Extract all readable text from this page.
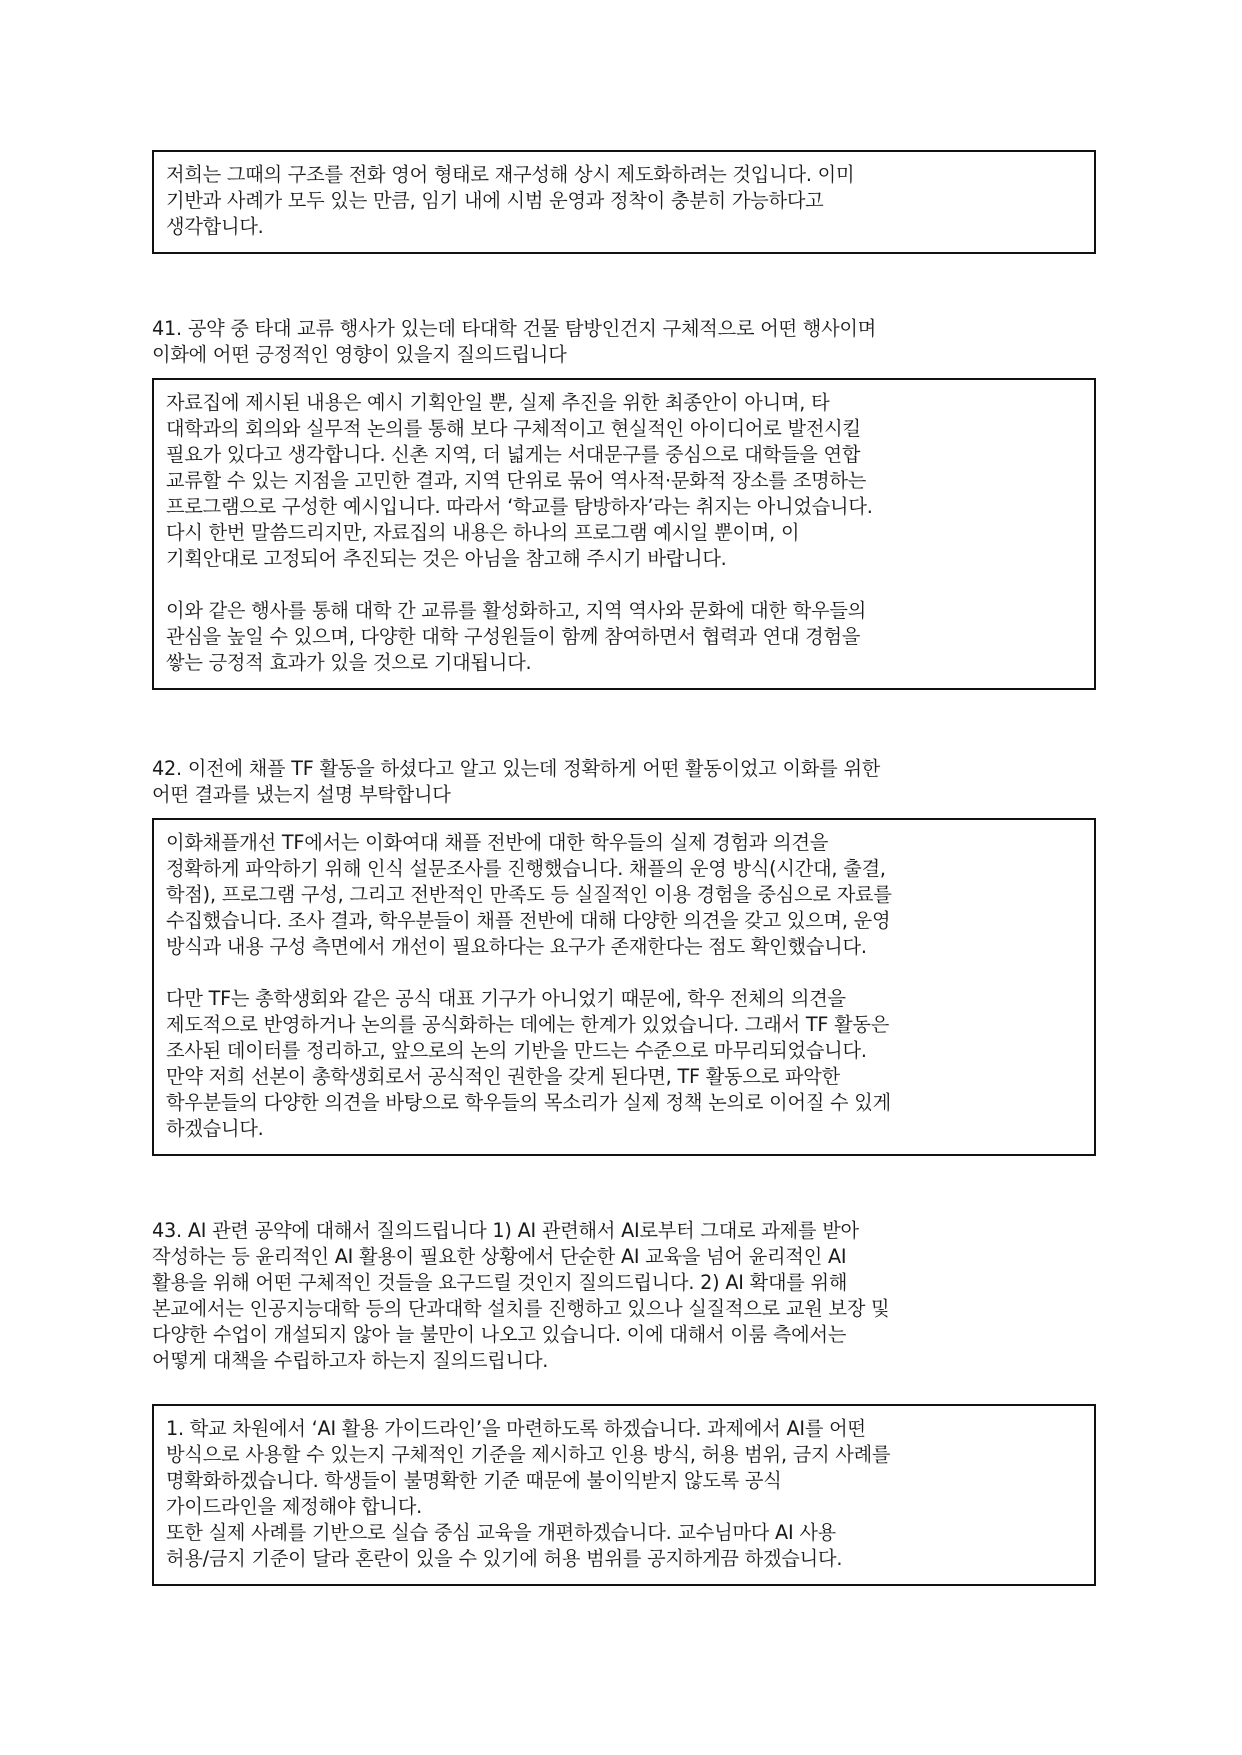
저희는 그때의 구조를 전화 영어 형태로 재구성해 상시 제도화하려는 것입니다. 이미
기반과 사례가 모두 있는 만큼, 임기 내에 시범 운영과 정착이 충분히 가능하다고
생각합니다.
41. 공약 중 타대 교류 행사가 있는데 타대학 건물 탐방인건지 구체적으로 어떤 행사이며
이화에 어떤 긍정적인 영향이 있을지 질의드립니다
자료집에 제시된 내용은 예시 기획안일 뿐, 실제 추진을 위한 최종안이 아니며, 타
대학과의 회의와 실무적 논의를 통해 보다 구체적이고 현실적인 아이디어로 발전시킬
필요가 있다고 생각합니다. 신촌 지역, 더 넓게는 서대문구를 중심으로 대학들을 연합
교류할 수 있는 지점을 고민한 결과, 지역 단위로 묶어 역사적·문화적 장소를 조명하는
프로그램으로 구성한 예시입니다. 따라서 ‘학교를 탐방하자’라는 취지는 아니었습니다.
다시 한번 말씀드리지만, 자료집의 내용은 하나의 프로그램 예시일 뿐이며, 이
기획안대로 고정되어 추진되는 것은 아님을 참고해 주시기 바랍니다.
이와 같은 행사를 통해 대학 간 교류를 활성화하고, 지역 역사와 문화에 대한 학우들의
관심을 높일 수 있으며, 다양한 대학 구성원들이 함께 참여하면서 협력과 연대 경험을
쌓는 긍정적 효과가 있을 것으로 기대됩니다.
42. 이전에 채플 TF 활동을 하셨다고 알고 있는데 정확하게 어떤 활동이었고 이화를 위한
어떤 결과를 냈는지 설명 부탁합니다
이화채플개선 TF에서는 이화여대 채플 전반에 대한 학우들의 실제 경험과 의견을
정확하게 파악하기 위해 인식 설문조사를 진행했습니다. 채플의 운영 방식(시간대, 출결,
학점), 프로그램 구성, 그리고 전반적인 만족도 등 실질적인 이용 경험을 중심으로 자료를
수집했습니다. 조사 결과, 학우분들이 채플 전반에 대해 다양한 의견을 갖고 있으며, 운영
방식과 내용 구성 측면에서 개선이 필요하다는 요구가 존재한다는 점도 확인했습니다.
다만 TF는 총학생회와 같은 공식 대표 기구가 아니었기 때문에, 학우 전체의 의견을
제도적으로 반영하거나 논의를 공식화하는 데에는 한계가 있었습니다. 그래서 TF 활동은
조사된 데이터를 정리하고, 앞으로의 논의 기반을 만드는 수준으로 마무리되었습니다.
만약 저희 선본이 총학생회로서 공식적인 권한을 갖게 된다면, TF 활동으로 파악한
학우분들의 다양한 의견을 바탕으로 학우들의 목소리가 실제 정책 논의로 이어질 수 있게
하겠습니다.
43. AI 관련 공약에 대해서 질의드립니다 1) AI 관련해서 AI로부터 그대로 과제를 받아
작성하는 등 윤리적인 AI 활용이 필요한 상황에서 단순한 AI 교육을 넘어 윤리적인 AI
활용을 위해 어떤 구체적인 것들을 요구드릴 것인지 질의드립니다. 2) AI 확대를 위해
본교에서는 인공지능대학 등의 단과대학 설치를 진행하고 있으나 실질적으로 교원 보장 및
다양한 수업이 개설되지 않아 늘 불만이 나오고 있습니다. 이에 대해서 이룸 측에서는
어떻게 대책을 수립하고자 하는지 질의드립니다.
1. 학교 차원에서 ‘AI 활용 가이드라인’을 마련하도록 하겠습니다. 과제에서 AI를 어떤
방식으로 사용할 수 있는지 구체적인 기준을 제시하고 인용 방식, 허용 범위, 금지 사례를
명확화하겠습니다. 학생들이 불명확한 기준 때문에 불이익받지 않도록 공식
가이드라인을 제정해야 합니다.
또한 실제 사례를 기반으로 실습 중심 교육을 개편하겠습니다. 교수님마다 AI 사용
허용/금지 기준이 달라 혼란이 있을 수 있기에 허용 범위를 공지하게끔 하겠습니다.
